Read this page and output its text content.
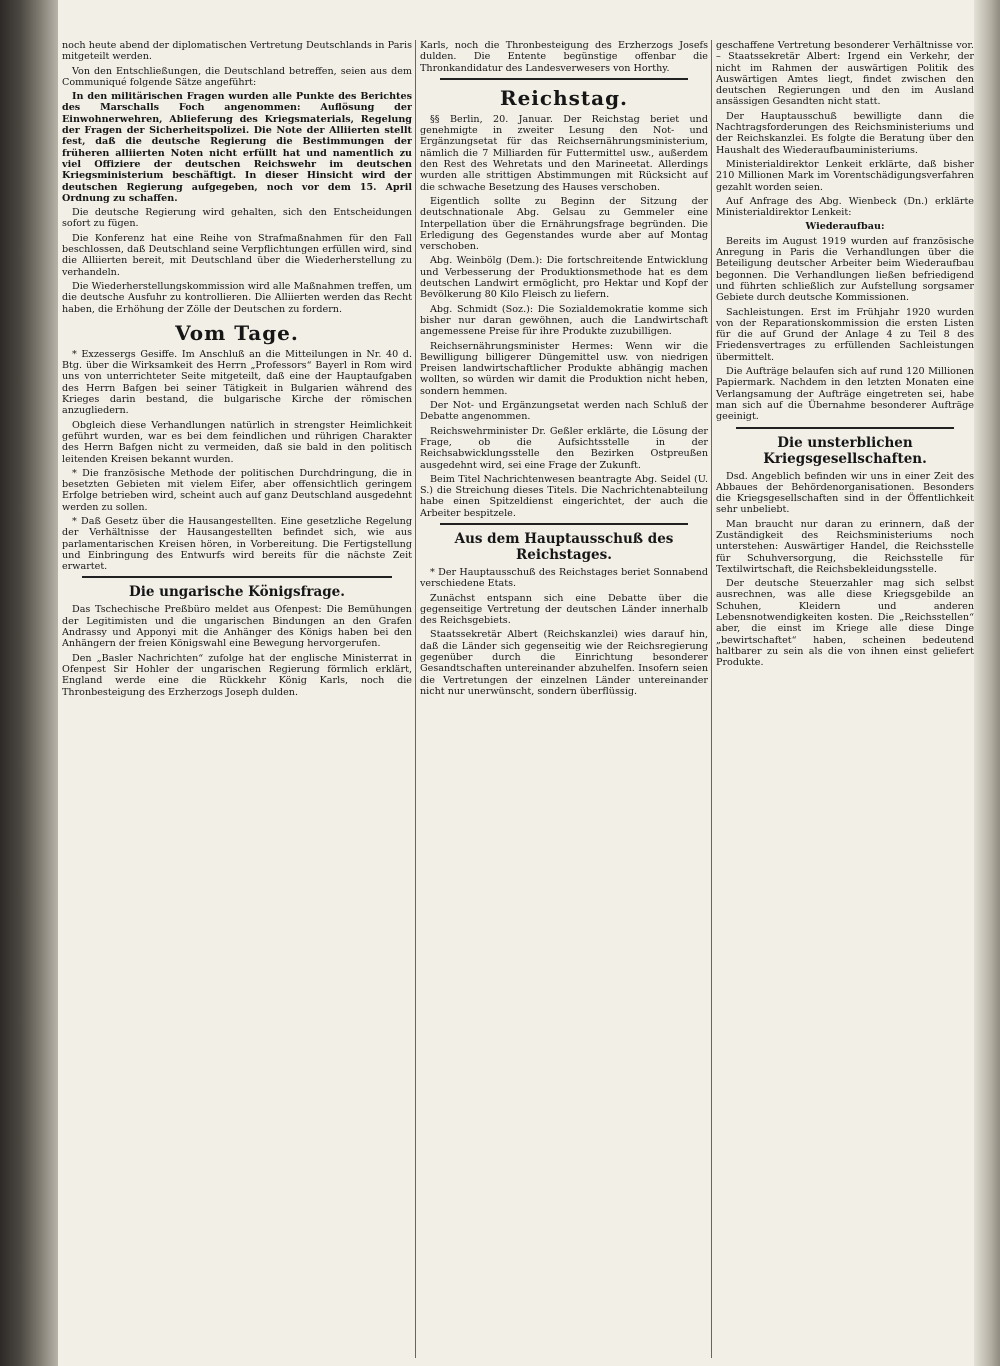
noch heute abend der diplomatischen Vertretung Deutschlands in Paris mitgeteilt werden.

Von den Entschließungen, die Deutschland betreffen, seien aus dem Communiqué folgende Sätze angeführt:

In den militärischen Fragen wurden alle Punkte des Berichtes des Marschalls Foch angenommen: Auflösung der Einwohnerwehren, Ablieferung des Kriegsmaterials, Regelung der Fragen der Sicherheitspolizei. Die Note der Alliierten stellt fest, daß die deutsche Regierung die Bestimmungen der früheren alliierten Noten nicht erfüllt hat und namentlich zu viel Offiziere der deutschen Reichswehr im deutschen Kriegsministerium beschäftigt. In dieser Hinsicht wird der deutschen Regierung aufgegeben, noch vor dem 15. April Ordnung zu schaffen.

Die deutsche Regierung wird gehalten, sich den Entscheidungen sofort zu fügen.

Die Konferenz hat eine Reihe von Strafmaßnahmen für den Fall beschlossen, daß Deutschland seine Verpflichtungen erfüllen wird, sind die Alliierten bereit, mit Deutschland über die Wiederherstellung zu verhandeln.

Die Wiederherstellungskommission wird alle Maßnahmen treffen, um die deutsche Ausfuhr zu kontrollieren. Die Alliierten werden das Recht haben, die Erhöhung der Zölle der Deutschen zu fordern.

Vom Tage.

* Exzessergs Gesiffe. Im Anschluß an die Mitteilungen in Nr. 40 d. Btg. über die Wirksamkeit des Herrn „Professors“ Bayerl in Rom wird uns von unterrichteter Seite mitgeteilt, daß eine der Hauptaufgaben des Herrn Bafgen bei seiner Tätigkeit in Bulgarien während des Krieges darin bestand, die bulgarische Kirche der römischen anzugliedern.

Obgleich diese Verhandlungen natürlich in strengster Heimlichkeit geführt wurden, war es bei dem feindlichen und rührigen Charakter des Herrn Bafgen nicht zu vermeiden, daß sie bald in den politisch leitenden Kreisen bekannt wurden.

* Die französische Methode der politischen Durchdringung, die in besetzten Gebieten mit vielem Eifer, aber offensichtlich geringem Erfolge betrieben wird, scheint auch auf ganz Deutschland ausgedehnt werden zu sollen.

* Daß Gesetz über die Hausangestellten. Eine gesetzliche Regelung der Verhältnisse der Hausangestellten befindet sich, wie aus parlamentarischen Kreisen hören, in Vorbereitung. Die Fertigstellung und Einbringung des Entwurfs wird bereits für die nächste Zeit erwartet.

Die ungarische Königsfrage.

Das Tschechische Preßbüro meldet aus Ofenpest: Die Bemühungen der Legitimisten und die ungarischen Bindungen an den Grafen Andrassy und Apponyi mit die Anhänger des Königs haben bei den Anhängern der freien Königswahl eine Bewegung hervorgerufen.

Den „Basler Nachrichten“ zufolge hat der englische Ministerrat in Ofenpest Sir Hohler der ungarischen Regierung förmlich erklärt, England werde eine die Rückkehr König Karls, noch die Thronbesteigung des Erzherzogs Joseph dulden.

Karls, noch die Thronbesteigung des Erzherzogs Josefs dulden. Die Entente begünstige offenbar die Thronkandidatur des Landesverwesers von Horthy.

Reichstag.

§§ Berlin, 20. Januar. Der Reichstag beriet und genehmigte in zweiter Lesung den Not- und Ergänzungsetat für das Reichsernährungsministerium, nämlich die 7 Milliarden für Futtermittel usw., außerdem den Rest des Wehretats und den Marineetat. Allerdings wurden alle strittigen Abstimmungen mit Rücksicht auf die schwache Besetzung des Hauses verschoben.

Eigentlich sollte zu Beginn der Sitzung der deutschnationale Abg. Gelsau zu Gemmeler eine Interpellation über die Ernährungsfrage begründen. Die Erledigung des Gegenstandes wurde aber auf Montag verschoben.

Abg. Weinbölg (Dem.): Die fortschreitende Entwicklung und Verbesserung der Produktionsmethode hat es dem deutschen Landwirt ermöglicht, pro Hektar und Kopf der Bevölkerung 80 Kilo Fleisch zu liefern.

Abg. Schmidt (Soz.): Die Sozialdemokratie komme sich bisher nur daran gewöhnen, auch die Landwirtschaft angemessene Preise für ihre Produkte zuzubilligen.

Reichsernährungsminister Hermes: Wenn wir die Bewilligung billigerer Düngemittel usw. von niedrigen Preisen landwirtschaftlicher Produkte abhängig machen wollten, so würden wir damit die Produktion nicht heben, sondern hemmen.

Der Not- und Ergänzungsetat werden nach Schluß der Debatte angenommen.

Reichswehrminister Dr. Geßler erklärte, die Lösung der Frage, ob die Aufsichtsstelle in der Reichsabwicklungsstelle den Bezirken Ostpreußen ausgedehnt wird, sei eine Frage der Zukunft.

Beim Titel Nachrichtenwesen beantragte Abg. Seidel (U. S.) die Streichung dieses Titels. Die Nachrichtenabteilung habe einen Spitzeldienst eingerichtet, der auch die Arbeiter bespitzele.

Aus dem Hauptausschuß des Reichstages.

* Der Hauptausschuß des Reichstages beriet Sonnabend verschiedene Etats.

Zunächst entspann sich eine Debatte über die gegenseitige Vertretung der deutschen Länder innerhalb des Reichsgebiets.

Staatssekretär Albert (Reichskanzlei) wies darauf hin, daß die Länder sich gegenseitig wie der Reichsregierung gegenüber durch die Einrichtung besonderer Gesandtschaften untereinander abzuhelfen. Insofern seien die Vertretungen der einzelnen Länder untereinander nicht nur unerwünscht, sondern überflüssig.

geschaffene Vertretung besonderer Verhältnisse vor. – Staatssekretär Albert: Irgend ein Verkehr, der nicht im Rahmen der auswärtigen Politik des Auswärtigen Amtes liegt, findet zwischen den deutschen Regierungen und den im Ausland ansässigen Gesandten nicht statt.

Der Hauptausschuß bewilligte dann die Nachtragsforderungen des Reichsministeriums und der Reichskanzlei. Es folgte die Beratung über den Haushalt des Wiederaufbauministeriums.

Ministerialdirektor Lenkeit erklärte, daß bisher 210 Millionen Mark im Vorentschädigungsverfahren gezahlt worden seien.

Auf Anfrage des Abg. Wienbeck (Dn.) erklärte Ministerialdirektor Lenkeit:

Wiederaufbau:

Bereits im August 1919 wurden auf französische Anregung in Paris die Verhandlungen über die Beteiligung deutscher Arbeiter beim Wiederaufbau begonnen. Die Verhandlungen ließen befriedigend und führten schließlich zur Aufstellung sorgsamer Gebiete durch deutsche Kommissionen.

Sachleistungen. Erst im Frühjahr 1920 wurden von der Reparationskommission die ersten Listen für die auf Grund der Anlage 4 zu Teil 8 des Friedensvertrages zu erfüllenden Sachleistungen übermittelt.

Die Aufträge belaufen sich auf rund 120 Millionen Papiermark. Nachdem in den letzten Monaten eine Verlangsamung der Aufträge eingetreten sei, habe man sich auf die Übernahme besonderer Aufträge geeinigt.

Die unsterblichen Kriegsgesellschaften.

Dsd. Angeblich befinden wir uns in einer Zeit des Abbaues der Behördenorganisationen. Besonders die Kriegsgesellschaften sind in der Öffentlichkeit sehr unbeliebt.

Man braucht nur daran zu erinnern, daß der Zuständigkeit des Reichsministeriums noch unterstehen: Auswärtiger Handel, die Reichsstelle für Schuhversorgung, die Reichsstelle für Textilwirtschaft, die Reichsbekleidungsstelle.

Der deutsche Steuerzahler mag sich selbst ausrechnen, was alle diese Kriegsgebilde an Schuhen, Kleidern und anderen Lebensnotwendigkeiten kosten. Die „Reichsstellen“ aber, die einst im Kriege alle diese Dinge „bewirtschaftet“ haben, scheinen bedeutend haltbarer zu sein als die von ihnen einst geliefert Produkte.
